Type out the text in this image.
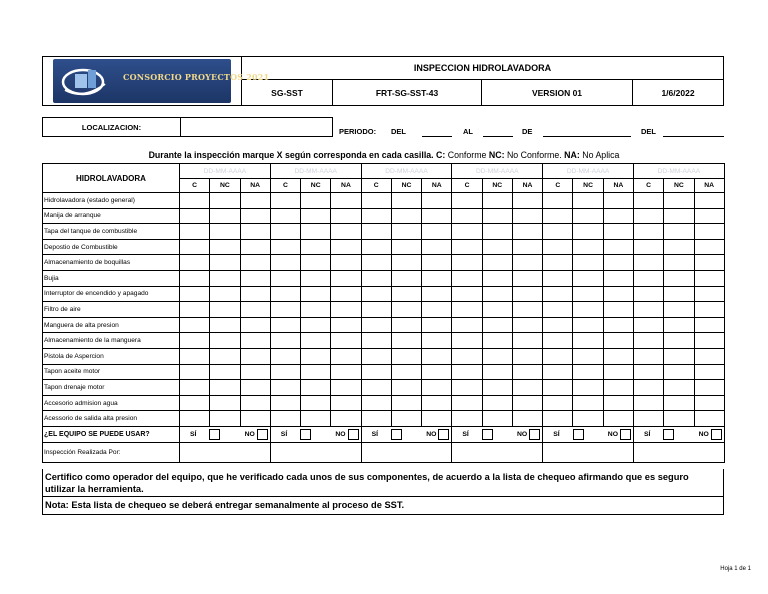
CONSORCIO PROYECTOS 2021	INSPECCION HIDROLAVADORA			
	SG-SST	FRT-SG-SST-43	VERSION 01	1/6/2022
LOCALIZACION:		PERIODO: DEL	AL	DE	DEL
Durante la inspección marque X según corresponda en cada casilla. C: Conforme NC: No Conforme. NA: No Aplica
HIDROLAVADORA	DD-MM-AAAA			DD-MM-AAAA			DD-MM-AAAA			DD-MM-AAAA			DD-MM-AAAA			DD-MM-AAAA		
	C	NC	NA	C	NC	NA	C	NC	NA	C	NC	NA	C	NC	NA	C	NC	NA
Hidrolavadora (estado general)																		
Manija de arranque																		
Tapa del tanque de combustible																		
Depostio de Combustible																		
Almacenamiento de boquillas																		
Bujia																		
Interruptor de encendido y apagado																		
Filtro de aire																		
Manguera de alta presion																		
Almacenamiento de la manguera																		
Pistola de Aspercion																		
Tapon aceite motor																		
Tapon drenaje motor																		
Accesorio admision agua																		
Acessorio de salida alta presion																		
¿EL EQUIPO SE PUEDE USAR?	SÍ NO			SÍ NO			SÍ NO			SÍ NO			SÍ NO			SÍ NO		

Inspección Realizada Por:																		
Certifico como operador del equipo, que he verificado cada unos de sus componentes, de acuerdo a la lista de chequeo afirmando que es seguro utilizar la herramienta.
Nota: Esta lista de chequeo se deberá entregar semanalmente al proceso de SST.
Hoja 1 de 1
